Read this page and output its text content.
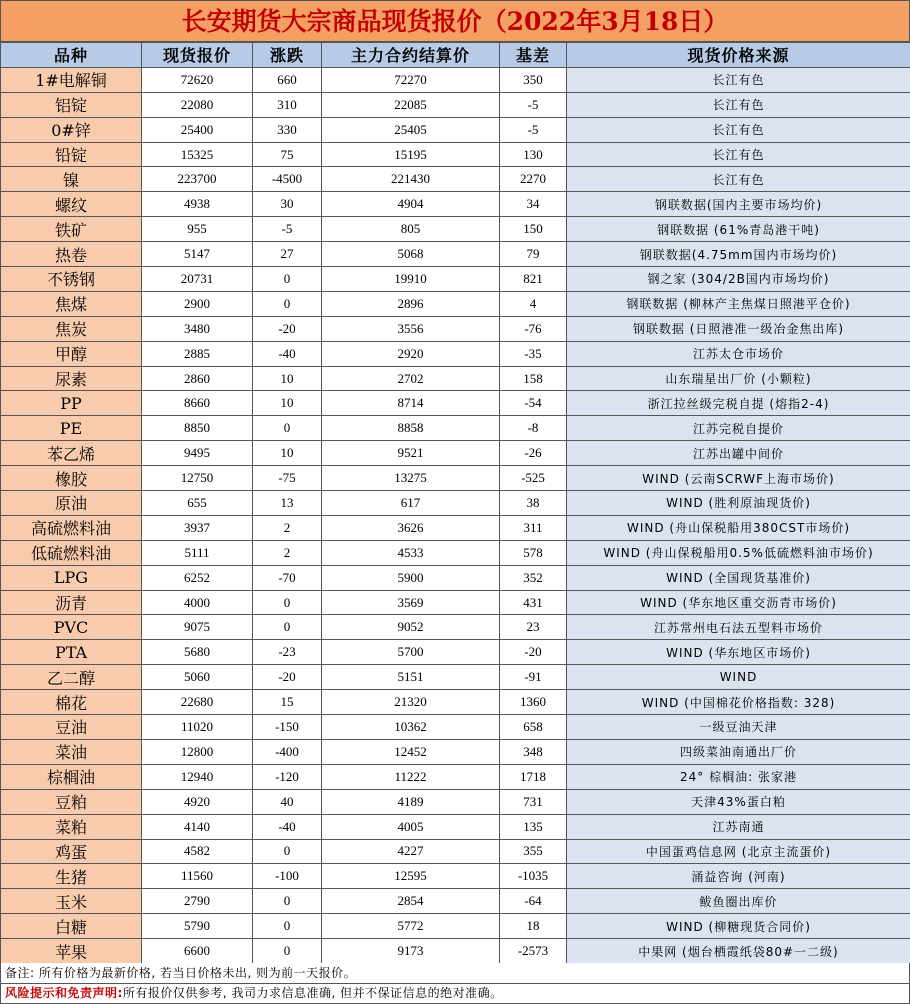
长安期货大宗商品现货报价（2022年3月18日）
品种	现货报价	涨跌	主力合约结算价	基差	现货价格来源
1#电解铜	72620	660	72270	350	长江有色
铝锭	22080	310	22085	-5	长江有色
0#锌	25400	330	25405	-5	长江有色
铅锭	15325	75	15195	130	长江有色
镍	223700	-4500	221430	2270	长江有色
螺纹	4938	30	4904	34	钢联数据(国内主要市场均价)
铁矿	955	-5	805	150	钢联数据 (61%青岛港干吨)
热卷	5147	27	5068	79	钢联数据(4.75mm国内市场均价)
不锈钢	20731	0	19910	821	钢之家 (304/2B国内市场均价)
焦煤	2900	0	2896	4	钢联数据 (柳林产主焦煤日照港平仓价)
焦炭	3480	-20	3556	-76	钢联数据 (日照港准一级冶金焦出库)
甲醇	2885	-40	2920	-35	江苏太仓市场价
尿素	2860	10	2702	158	山东瑞星出厂价 (小颗粒)
PP	8660	10	8714	-54	浙江拉丝级完税自提 (熔指2-4)
PE	8850	0	8858	-8	江苏完税自提价
苯乙烯	9495	10	9521	-26	江苏出罐中间价
橡胶	12750	-75	13275	-525	WIND (云南SCRWF上海市场价)
原油	655	13	617	38	WIND (胜利原油现货价)
高硫燃料油	3937	2	3626	311	WIND (舟山保税船用380CST市场价)
低硫燃料油	5111	2	4533	578	WIND (舟山保税船用0.5%低硫燃料油市场价)
LPG	6252	-70	5900	352	WIND (全国现货基准价)
沥青	4000	0	3569	431	WIND (华东地区重交沥青市场价)
PVC	9075	0	9052	23	江苏常州电石法五型料市场价
PTA	5680	-23	5700	-20	WIND (华东地区市场价)
乙二醇	5060	-20	5151	-91	WIND
棉花	22680	15	21320	1360	WIND (中国棉花价格指数: 328)
豆油	11020	-150	10362	658	一级豆油天津
菜油	12800	-400	12452	348	四级菜油南通出厂价
棕榈油	12940	-120	11222	1718	24° 棕榈油: 张家港
豆粕	4920	40	4189	731	天津43%蛋白粕
菜粕	4140	-40	4005	135	江苏南通
鸡蛋	4582	0	4227	355	中国蛋鸡信息网 (北京主流蛋价)
生猪	11560	-100	12595	-1035	涌益咨询 (河南)
玉米	2790	0	2854	-64	鲅鱼圈出库价
白糖	5790	0	5772	18	WIND (柳糖现货合同价)
苹果	6600	0	9173	-2573	中果网 (烟台栖霞纸袋80#一二级)
备注: 所有价格为最新价格, 若当日价格未出, 则为前一天报价。
风险提示和免责声明:所有报价仅供参考, 我司力求信息准确, 但并不保证信息的绝对准确。
